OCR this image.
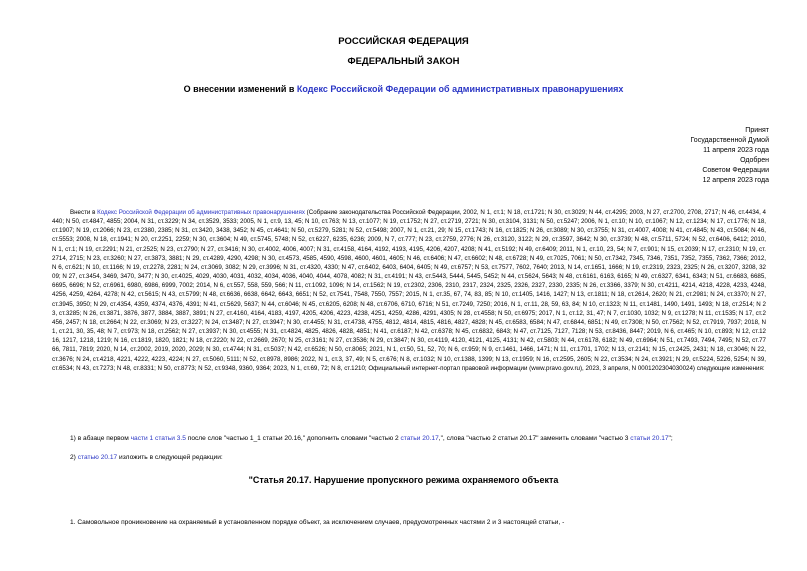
РОССИЙСКАЯ ФЕДЕРАЦИЯ
ФЕДЕРАЛЬНЫЙ ЗАКОН
О внесении изменений в Кодекс Российской Федерации об административных правонарушениях
Принят
Государственной Думой
11 апреля 2023 года
Одобрен
Советом Федерации
12 апреля 2023 года
Внести в Кодекс Российской Федерации об административных правонарушениях (Собрание законодательства Российской Федерации, 2002, N 1, ст.1; N 18, ст.1721; N 30, ст.3029; N 44, ст.4295; 2003, N 27, ст.2700, 2708, 2717; N 46, ст.4434, 4440; N 50, ст.4847, 4855; 2004, N 31, ст.3229; N 34, ст.3529, 3533; 2005, N 1, ст.9, 13, 45; N 10, ст.763; N 13, ст.1077; N 19, ст.1752; N 27, ст.2719, 2721; N 30, ст.3104, 3131; N 50, ст.5247; 2006, N 1, ст.10; N 10, ст.1067; N 12, ст.1234; N 17, ст.1776; N 18, ст.1907; N 19, ст.2066; N 23, ст.2380, 2385; N 31, ст.3420, 3438, 3452; N 45, ст.4641; N 50, ст.5279, 5281; N 52, ст.5498; 2007, N 1, ст.21, 29; N 15, ст.1743; N 16, ст.1825; N 26, ст.3089; N 30, ст.3755; N 31, ст.4007, 4008; N 41, ст.4845; N 43, ст.5084; N 46, ст.5553; 2008, N 18, ст.1941; N 20, ст.2251, 2259; N 30, ст.3604; N 49, ст.5745, 5748; N 52, ст.6227, 6235, 6236; 2009, N 7, ст.777; N 23, ст.2759, 2776; N 26, ст.3120, 3122; N 29, ст.3597, 3642; N 30, ст.3739; N 48, ст.5711, 5724; N 52, ст.6406, 6412; 2010, N 1, ст.1; N 19, ст.2291; N 21, ст.2525; N 23, ст.2790; N 27, ст.3416; N 30, ст.4002, 4006, 4007; N 31, ст.4158, 4164, 4192, 4193, 4195, 4206, 4207, 4208; N 41, ст.5192; N 49, ст.6409; 2011, N 1, ст.10, 23, 54; N 7, ст.901; N 15, ст.2039; N 17, ст.2310; N 19, ст.2714, 2715; N 23, ст.3260; N 27, ст.3873, 3881; N 29, ст.4289, 4290, 4298; N 30, ст.4573, 4585, 4590, 4598, 4600, 4601, 4605; N 46, ст.6406; N 47, ст.6602; N 48, ст.6728; N 49, ст.7025, 7061; N 50, ст.7342, 7345, 7346, 7351, 7352, 7355, 7362, 7366; 2012, N 6, ст.621; N 10, ст.1166; N 19, ст.2278, 2281; N 24, ст.3069, 3082; N 29, ст.3996; N 31, ст.4320, 4330; N 47, ст.6402, 6403, 6404, 6405; N 49, ст.6757; N 53, ст.7577, 7602, 7640; 2013, N 14, ст.1651, 1666; N 19, ст.2319, 2323, 2325; N 26, ст.3207, 3208, 3209; N 27, ст.3454, 3469, 3470, 3477; N 30, ст.4025, 4029, 4030, 4031, 4032, 4034, 4036, 4040, 4044, 4078, 4082; N 31, ст.4191; N 43, ст.5443, 5444, 5445, 5452; N 44, ст.5624, 5643; N 48, ст.6161, 6163, 6165; N 49, ст.6327, 6341, 6343; N 51, ст.6683, 6685, 6695, 6696; N 52, ст.6961, 6980, 6986, 6999, 7002; 2014, N 6, ст.557, 558, 559, 566; N 11, ст.1092, 1096; N 14, ст.1562; N 19, ст.2302, 2306, 2310, 2317, 2324, 2325, 2326, 2327, 2330, 2335; N 26, ст.3366, 3379; N 30, ст.4211, 4214, 4218, 4228, 4233, 4248, 4256, 4259, 4264, 4278; N 42, ст.5615; N 43, ст.5799; N 48, ст.6636, 6638, 6642, 6643, 6651; N 52, ст.7541, 7548, 7550, 7557; 2015, N 1, ст.35, 67, 74, 83, 85; N 10, ст.1405, 1416, 1427; N 13, ст.1811; N 18, ст.2614, 2620; N 21, ст.2981; N 24, ст.3370; N 27, ст.3945, 3950; N 29, ст.4354, 4359, 4374, 4376, 4391; N 41, ст.5629, 5637; N 44, ст.6046; N 45, ст.6205, 6208; N 48, ст.6706, 6710, 6716; N 51, ст.7249, 7250; 2016, N 1, ст.11, 28, 59, 63, 84; N 10, ст.1323; N 11, ст.1481, 1490, 1491, 1493; N 18, ст.2514; N 23, ст.3285; N 26, ст.3871, 3876, 3877, 3884, 3887, 3891; N 27, ст.4160, 4164, 4183, 4197, 4205, 4206, 4223, 4238, 4251, 4259, 4286, 4291, 4305; N 28, ст.4558; N 50, ст.6975; 2017, N 1, ст.12, 31, 47; N 7, ст.1030, 1032; N 9, ст.1278; N 11, ст.1535; N 17, ст.2456, 2457; N 18, ст.2664; N 22, ст.3069; N 23, ст.3227; N 24, ст.3487; N 27, ст.3947; N 30, ст.4455; N 31, ст.4738, 4755, 4812, 4814, 4815, 4816, 4827, 4828; N 45, ст.6583, 6584; N 47, ст.6844, 6851; N 49, ст.7308; N 50, ст.7562; N 52, ст.7919, 7937; 2018, N 1, ст.21, 30, 35, 48; N 7, ст.973; N 18, ст.2562; N 27, ст.3937; N 30, ст.4555; N 31, ст.4824, 4825, 4826, 4828, 4851; N 41, ст.6187; N 42, ст.6378; N 45, ст.6832, 6843; N 47, ст.7125, 7127, 7128; N 53, ст.8436, 8447; 2019, N 6, ст.465; N 10, ст.893; N 12, ст.1216, 1217, 1218, 1219; N 16, ст.1819, 1820, 1821; N 18, ст.2220; N 22, ст.2669, 2670; N 25, ст.3161; N 27, ст.3536; N 29, ст.3847; N 30, ст.4119, 4120, 4121, 4125, 4131; N 42, ст.5803; N 44, ст.6178, 6182; N 49, ст.6964; N 51, ст.7493, 7494, 7495; N 52, ст.7766, 7811, 7819; 2020, N 14, ст.2002, 2019, 2020, 2029; N 30, ст.4744; N 31, ст.5037; N 42, ст.6526; N 50, ст.8065; 2021, N 1, ст.50, 51, 52, 70; N 6, ст.959; N 9, ст.1461, 1466, 1471; N 11, ст.1701, 1702; N 13, ст.2141; N 15, ст.2425, 2431; N 18, ст.3046; N 22, ст.3676; N 24, ст.4218, 4221, 4222, 4223, 4224; N 27, ст.5060, 5111; N 52, ст.8978, 8986; 2022, N 1, ст.3, 37, 49; N 5, ст.676; N 8, ст.1032; N 10, ст.1388, 1399; N 13, ст.1959; N 16, ст.2595, 2605; N 22, ст.3534; N 24, ст.3921; N 29, ст.5224, 5226, 5254; N 39, ст.6534; N 43, ст.7273; N 48, ст.8331; N 50, ст.8773; N 52, ст.9348, 9360, 9364; 2023, N 1, ст.69, 72; N 8, ст.1210; Официальный интернет-портал правовой информации (www.pravo.gov.ru), 2023, 3 апреля, N 0001202304030024) следующие изменения:
1) в абзаце первом части 1 статьи 3.5 после слов "частью 1_1 статьи 20.16," дополнить словами "частью 2 статьи 20.17,", слова "частью 2 статьи 20.17" заменить словами "частью 3 статьи 20.17";
2) статью 20.17 изложить в следующей редакции:
"Статья 20.17. Нарушение пропускного режима охраняемого объекта
1. Самовольное проникновение на охраняемый в установленном порядке объект, за исключением случаев, предусмотренных частями 2 и 3 настоящей статьи, -
